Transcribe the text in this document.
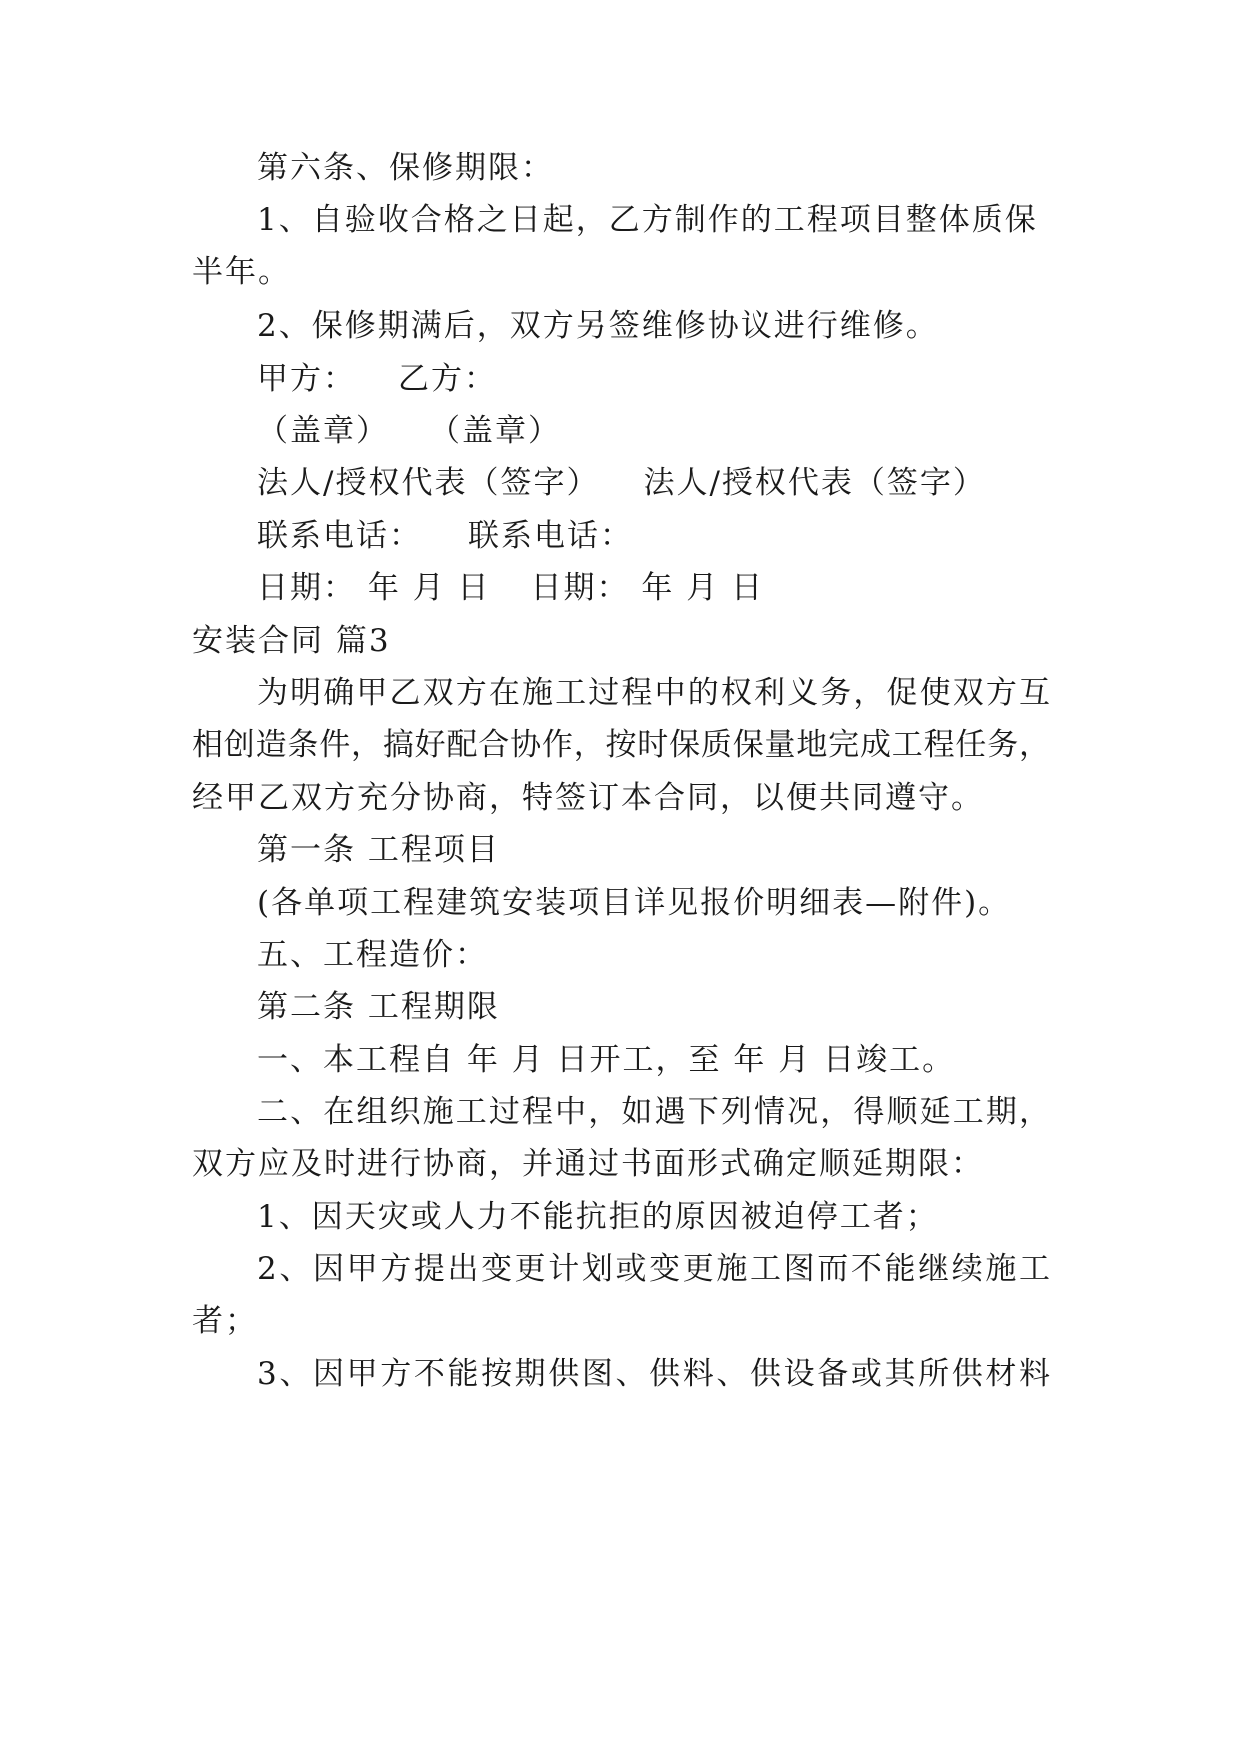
第六条、保修期限：
1、自验收合格之日起，乙方制作的工程项目整体质保
半年。
2、保修期满后，双方另签维修协议进行维修。
甲方： 乙方：
（盖章） （盖章）
法人/授权代表（签字） 法人/授权代表（签字）
联系电话： 联系电话：
日期： 年 月 日 日期： 年 月 日
安装合同 篇3
为明确甲乙双方在施工过程中的权利义务，促使双方互
相创造条件，搞好配合协作，按时保质保量地完成工程任务，
经甲乙双方充分协商，特签订本合同，以便共同遵守。
第一条 工程项目
(各单项工程建筑安装项目详见报价明细表—附件)。
五、工程造价：
第二条 工程期限
一、本工程自 年 月 日开工，至 年 月 日竣工。
二、在组织施工过程中，如遇下列情况，得顺延工期，
双方应及时进行协商，并通过书面形式确定顺延期限：
1、因天灾或人力不能抗拒的原因被迫停工者；
2、因甲方提出变更计划或变更施工图而不能继续施工
者；
3、因甲方不能按期供图、供料、供设备或其所供材料
